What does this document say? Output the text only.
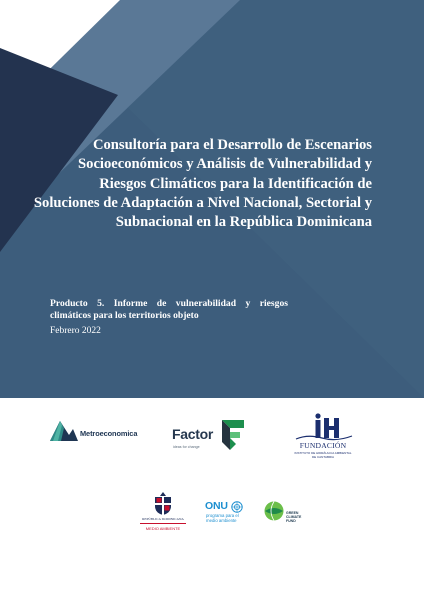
Consultoría para el Desarrollo de Escenarios Socioeconómicos y Análisis de Vulnerabilidad y Riesgos Climáticos para la Identificación de Soluciones de Adaptación a Nivel Nacional, Sectorial y Subnacional en la República Dominicana

Producto 5. Informe de vulnerabilidad y riesgos climáticos para los territorios objeto

Febrero 2022
Metroeconomica Factor
ideas for change	FUNDACIÓN
INSTITUTO DE HIDRÁULICA AMBIENTAL DE CANTABRIA
REPÚBLICA DOMINICANA
MEDIO AMBIENTE
ONU
programa para el medio ambiente
GREEN CLIMATE FUND
